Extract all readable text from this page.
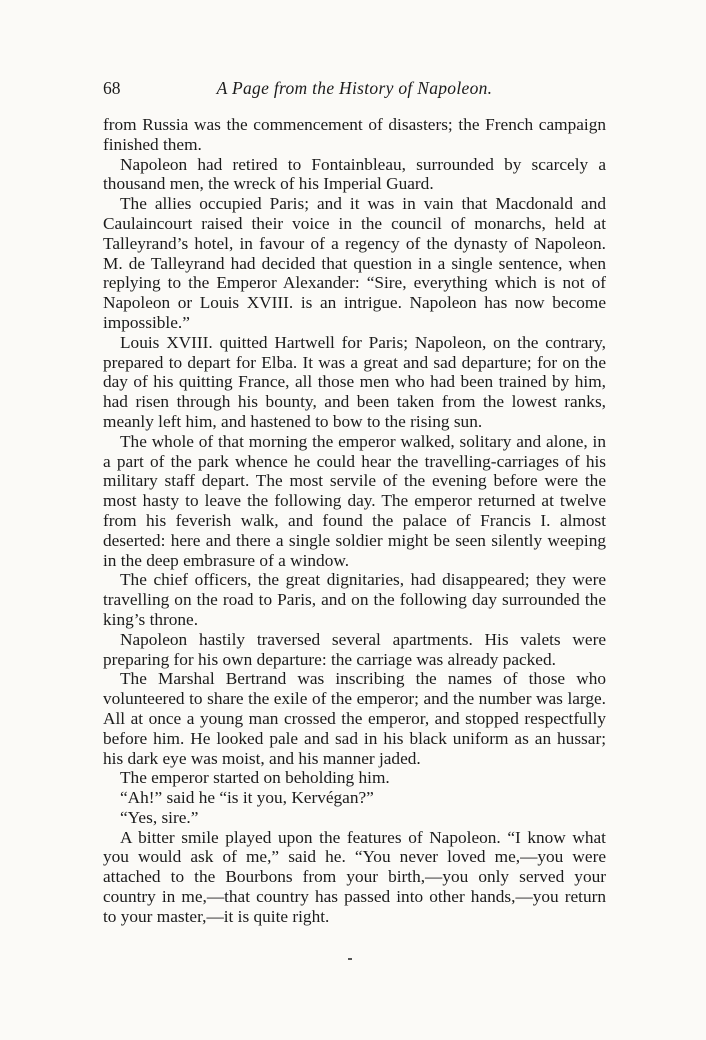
68	A Page from the History of Napoleon.

from Russia was the commencement of disasters; the French campaign finished them.

Napoleon had retired to Fontainbleau, surrounded by scarcely a thousand men, the wreck of his Imperial Guard.

The allies occupied Paris; and it was in vain that Macdonald and Caulaincourt raised their voice in the council of monarchs, held at Talleyrand’s hotel, in favour of a regency of the dynasty of Napoleon. M. de Talleyrand had decided that question in a single sentence, when replying to the Emperor Alexander: “Sire, everything which is not of Napoleon or Louis XVIII. is an intrigue. Napoleon has now become impossible.”

Louis XVIII. quitted Hartwell for Paris; Napoleon, on the contrary, prepared to depart for Elba. It was a great and sad departure; for on the day of his quitting France, all those men who had been trained by him, had risen through his bounty, and been taken from the lowest ranks, meanly left him, and hastened to bow to the rising sun.

The whole of that morning the emperor walked, solitary and alone, in a part of the park whence he could hear the travelling-carriages of his military staff depart. The most servile of the evening before were the most hasty to leave the following day. The emperor returned at twelve from his feverish walk, and found the palace of Francis I. almost deserted: here and there a single soldier might be seen silently weeping in the deep embrasure of a window.

The chief officers, the great dignitaries, had disappeared; they were travelling on the road to Paris, and on the following day surrounded the king’s throne.

Napoleon hastily traversed several apartments. His valets were preparing for his own departure: the carriage was already packed.

The Marshal Bertrand was inscribing the names of those who volunteered to share the exile of the emperor; and the number was large. All at once a young man crossed the emperor, and stopped respectfully before him. He looked pale and sad in his black uniform as an hussar; his dark eye was moist, and his manner jaded.

The emperor started on beholding him.

“Ah!” said he “is it you, Kervégan?”

“Yes, sire.”

A bitter smile played upon the features of Napoleon. “I know what you would ask of me,” said he. “You never loved me,—you were attached to the Bourbons from your birth,—you only served your country in me,—that country has passed into other hands,—you return to your master,—it is quite right.
